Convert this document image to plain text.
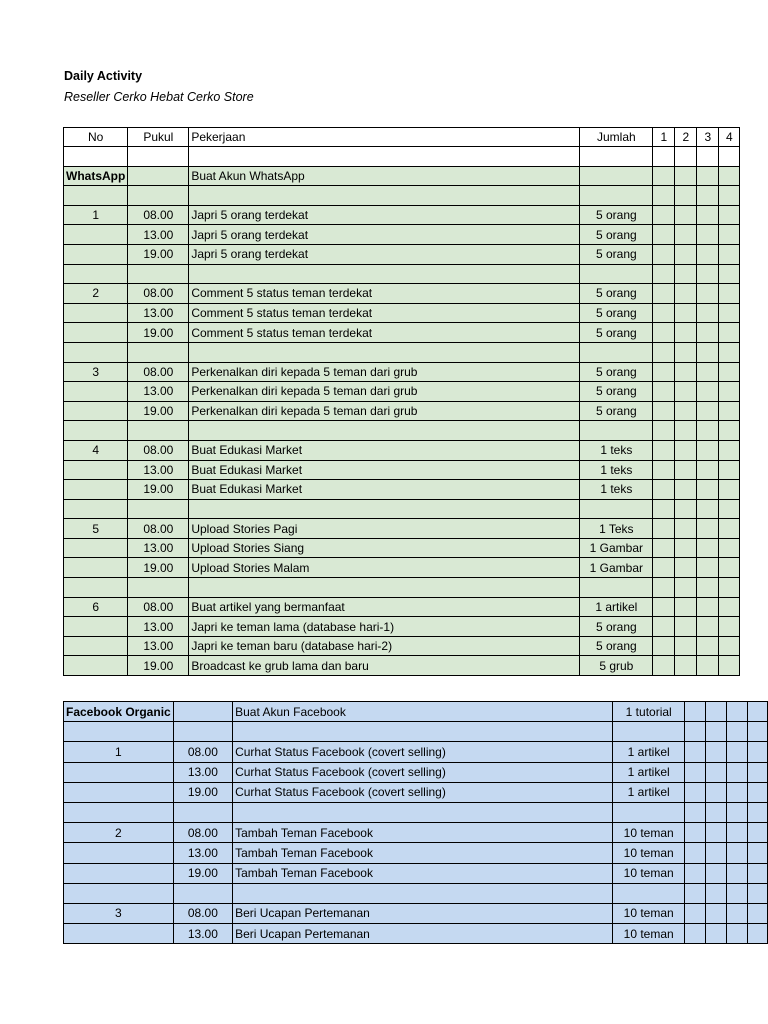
Daily Activity
Reseller Cerko Hebat Cerko Store
No	Pukul	Pekerjaan	Jumlah	1	2	3	4

WhatsApp		Buat Akun WhatsApp					

1	08.00	Japri 5 orang terdekat	5 orang				
	13.00	Japri 5 orang terdekat	5 orang				
	19.00	Japri 5 orang terdekat	5 orang				

2	08.00	Comment 5 status teman terdekat	5 orang				
	13.00	Comment 5 status teman terdekat	5 orang				
	19.00	Comment 5 status teman terdekat	5 orang				

3	08.00	Perkenalkan diri kepada 5 teman dari grub	5 orang				
	13.00	Perkenalkan diri kepada 5 teman dari grub	5 orang				
	19.00	Perkenalkan diri kepada 5 teman dari grub	5 orang				

4	08.00	Buat Edukasi Market	1 teks				
	13.00	Buat Edukasi Market	1 teks				
	19.00	Buat Edukasi Market	1 teks				

5	08.00	Upload Stories Pagi	1 Teks				
	13.00	Upload Stories Siang	1 Gambar				
	19.00	Upload Stories Malam	1 Gambar				

6	08.00	Buat artikel yang bermanfaat	1 artikel				
	13.00	Japri ke teman lama (database hari-1)	5 orang				
	13.00	Japri ke teman baru (database hari-2)	5 orang				
	19.00	Broadcast ke grub lama dan baru	5 grub				
Facebook Organic		Buat Akun Facebook	1 tutorial				

1	08.00	Curhat Status Facebook (covert selling)	1 artikel				
	13.00	Curhat Status Facebook (covert selling)	1 artikel				
	19.00	Curhat Status Facebook (covert selling)	1 artikel				

2	08.00	Tambah Teman Facebook	10 teman				
	13.00	Tambah Teman Facebook	10 teman				
	19.00	Tambah Teman Facebook	10 teman				

3	08.00	Beri Ucapan Pertemanan	10 teman				
	13.00	Beri Ucapan Pertemanan	10 teman				
